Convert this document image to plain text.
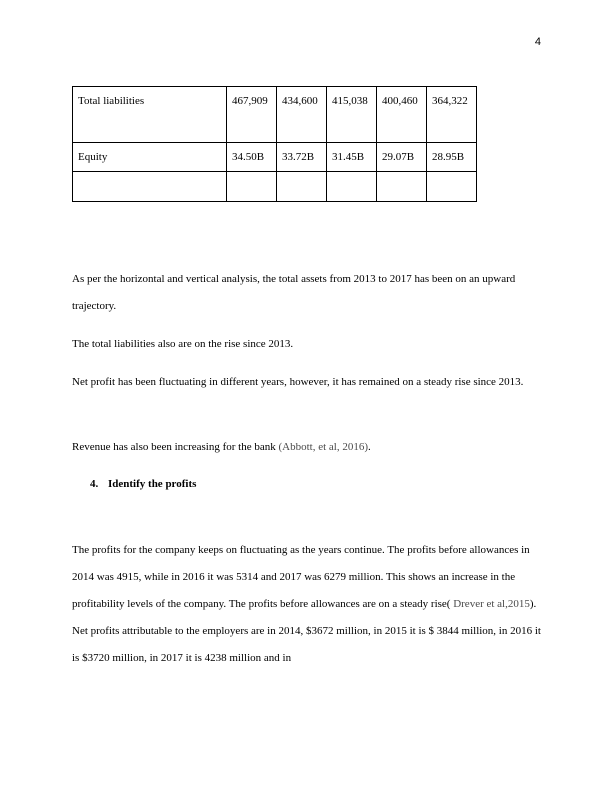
4
Total liabilities	467,909	434,600	415,038	400,460	364,322
Equity	34.50B	33.72B	31.45B	29.07B	28.95B

As per the horizontal and vertical analysis, the total assets from 2013 to 2017 has been on an upward trajectory.

The total liabilities also are on the rise since 2013.

Net profit has been fluctuating in different years, however, it has remained on a steady rise since 2013.

Revenue has also been increasing for the bank (Abbott, et al, 2016).

4. Identify the profits

The profits for the company keeps on fluctuating as the years continue. The profits before allowances in 2014 was 4915, while in 2016 it was 5314 and 2017 was 6279 million. This shows an increase in the profitability levels of the company. The profits before allowances are on a steady rise( Drever et al,2015). Net profits attributable to the employers are in 2014, $3672 million, in 2015 it is $ 3844 million, in 2016 it is $3720 million, in 2017 it is 4238 million and in
